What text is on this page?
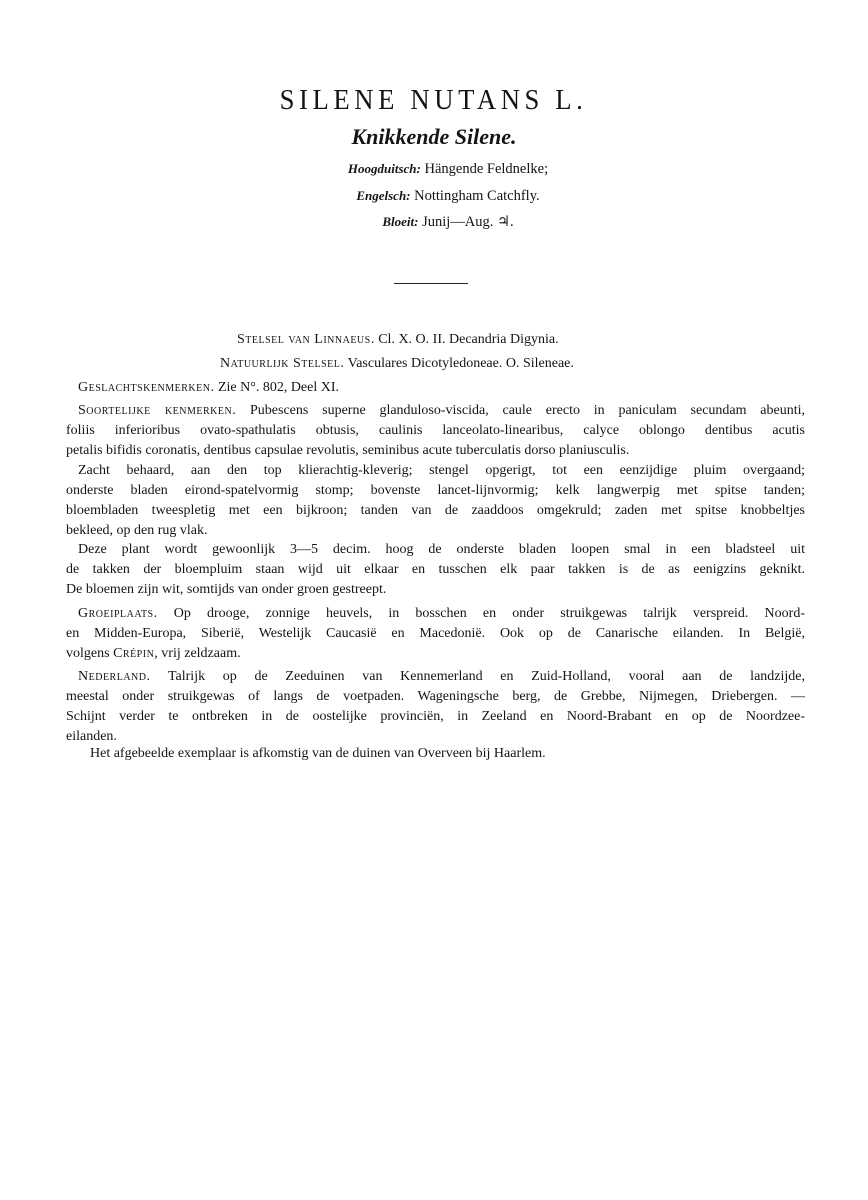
SILENE NUTANS L.
Knikkende Silene.
Hoogduitsch: Hängende Feldnelke;
Engelsch: Nottingham Catchfly.
Bloeit: Junij—Aug. ♃.
Stelsel van Linnaeus. Cl. X. O. II. Decandria Digynia.
Natuurlijk Stelsel. Vasculares Dicotyledoneae. O. Sileneae.
Geslachtskenmerken. Zie N°. 802, Deel XI.
Soortelijke kenmerken. Pubescens superne glanduloso-viscida, caule erecto in paniculam secundam abeunti,
foliis inferioribus ovato-spathulatis obtusis, caulinis lanceolato-linearibus, calyce oblongo dentibus acutis
petalis bifidis coronatis, dentibus capsulae revolutis, seminibus acute tuberculatis dorso planiusculis.
Zacht behaard, aan den top klierachtig-kleverig; stengel opgerigt, tot een eenzijdige pluim overgaand;
onderste bladen eirond-spatelvormig stomp; bovenste lancet-lijnvormig; kelk langwerpig met spitse tanden;
bloembladen tweespletig met een bijkroon; tanden van de zaaddoos omgekruld; zaden met spitse knobbeltjes
bekleed, op den rug vlak.
Deze plant wordt gewoonlijk 3—5 decim. hoog de onderste bladen loopen smal in een bladsteel uit
de takken der bloempluim staan wijd uit elkaar en tusschen elk paar takken is de as eenigzins geknikt.
De bloemen zijn wit, somtijds van onder groen gestreept.
Groeiplaats. Op drooge, zonnige heuvels, in bosschen en onder struikgewas talrijk verspreid. Noord-
en Midden-Europa, Siberië, Westelijk Caucasië en Macedonië. Ook op de Canarische eilanden. In België,
volgens Crépin, vrij zeldzaam.
Nederland. Talrijk op de Zeeduinen van Kennemerland en Zuid-Holland, vooral aan de landzijde,
meestal onder struikgewas of langs de voetpaden. Wageningsche berg, de Grebbe, Nijmegen, Driebergen. —
Schijnt verder te ontbreken in de oostelijke provinciën, in Zeeland en Noord-Brabant en op de Noordzee-
eilanden.
Het afgebeelde exemplaar is afkomstig van de duinen van Overveen bij Haarlem.
